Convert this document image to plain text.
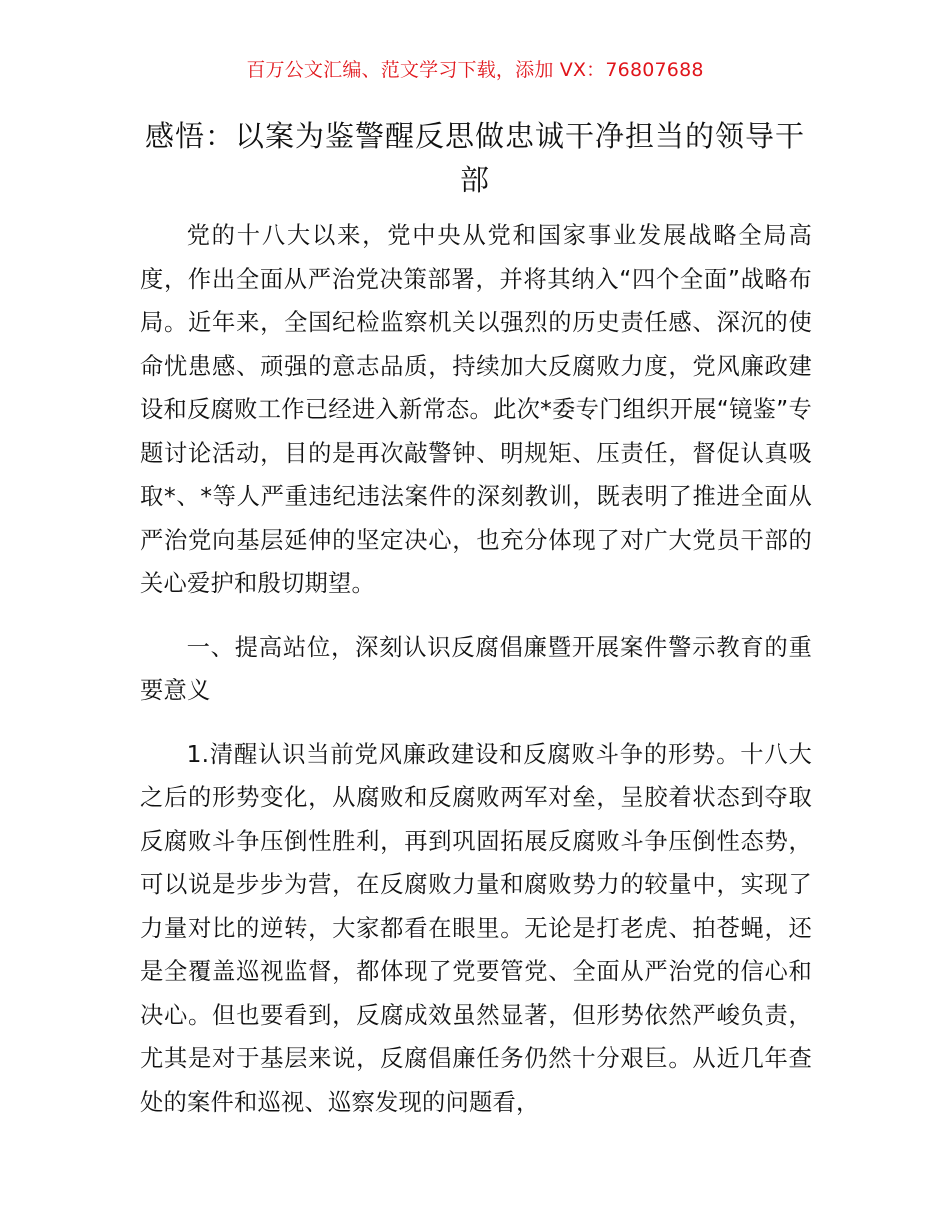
百万公文汇编、范文学习下载，添加 VX：76807688
感悟：以案为鉴警醒反思做忠诚干净担当的领导干部

党的十八大以来，党中央从党和国家事业发展战略全局高度，作出全面从严治党决策部署，并将其纳入“四个全面”战略布局。近年来，全国纪检监察机关以强烈的历史责任感、深沉的使命忧患感、顽强的意志品质，持续加大反腐败力度，党风廉政建设和反腐败工作已经进入新常态。此次*委专门组织开展“镜鉴”专题讨论活动，目的是再次敲警钟、明规矩、压责任，督促认真吸取*、*等人严重违纪违法案件的深刻教训，既表明了推进全面从严治党向基层延伸的坚定决心，也充分体现了对广大党员干部的关心爱护和殷切期望。

一、提高站位，深刻认识反腐倡廉暨开展案件警示教育的重要意义

1.清醒认识当前党风廉政建设和反腐败斗争的形势。十八大之后的形势变化，从腐败和反腐败两军对垒，呈胶着状态到夺取反腐败斗争压倒性胜利，再到巩固拓展反腐败斗争压倒性态势，可以说是步步为营，在反腐败力量和腐败势力的较量中，实现了力量对比的逆转，大家都看在眼里。无论是打老虎、拍苍蝇，还是全覆盖巡视监督，都体现了党要管党、全面从严治党的信心和决心。但也要看到，反腐成效虽然显著，但形势依然严峻负责，尤其是对于基层来说，反腐倡廉任务仍然十分艰巨。从近几年查处的案件和巡视、巡察发现的问题看，
